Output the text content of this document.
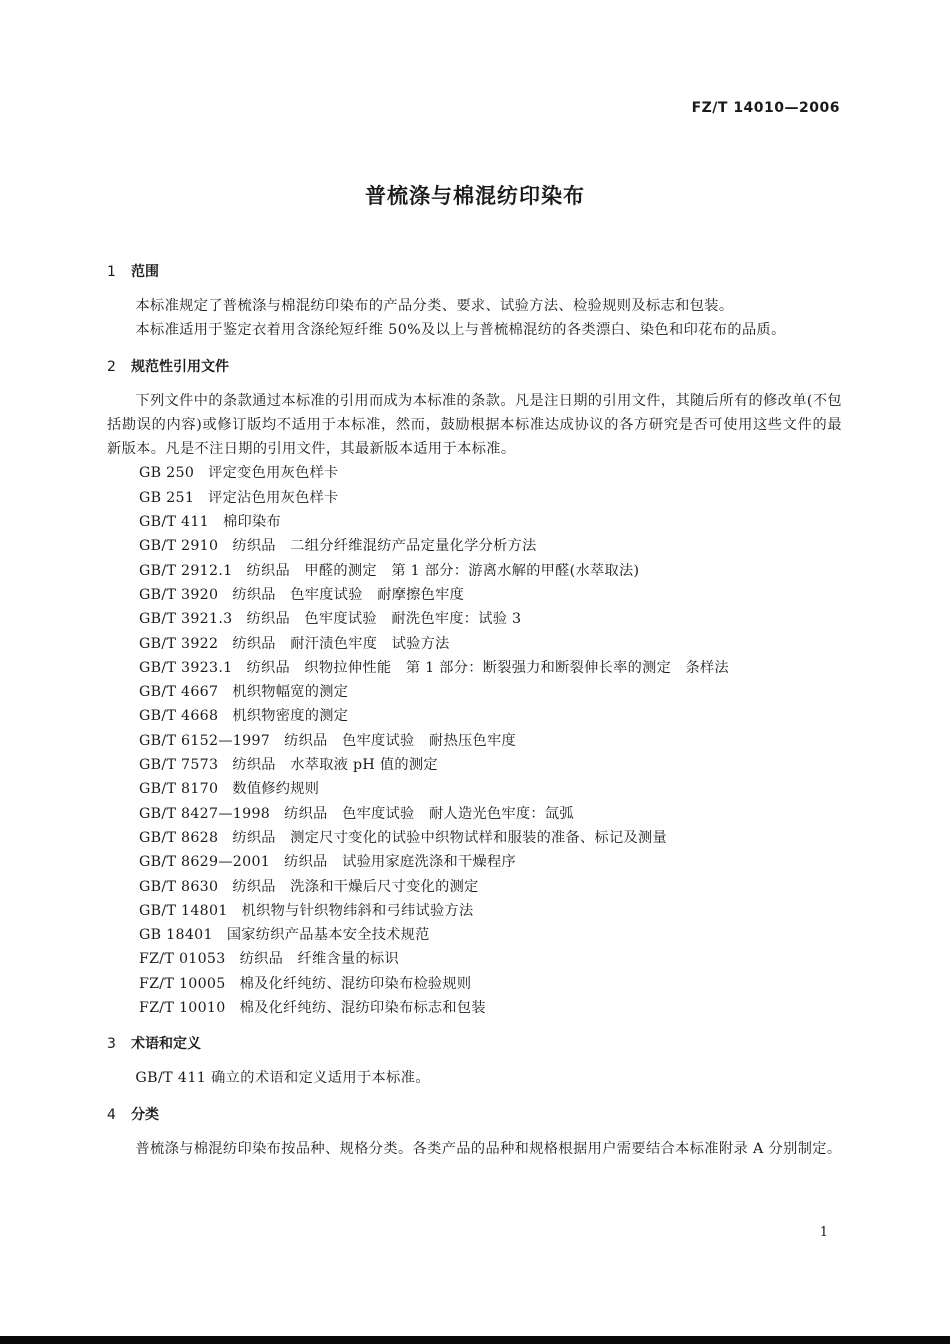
FZ/T 14010—2006
普梳涤与棉混纺印染布
1 范围
本标准规定了普梳涤与棉混纺印染布的产品分类、要求、试验方法、检验规则及标志和包装。
本标准适用于鉴定衣着用含涤纶短纤维 50%及以上与普梳棉混纺的各类漂白、染色和印花布的品质。
2 规范性引用文件
下列文件中的条款通过本标准的引用而成为本标准的条款。凡是注日期的引用文件，其随后所有的修改单(不包括勘误的内容)或修订版均不适用于本标准，然而，鼓励根据本标准达成协议的各方研究是否可使用这些文件的最新版本。凡是不注日期的引用文件，其最新版本适用于本标准。
GB 250 评定变色用灰色样卡
GB 251 评定沾色用灰色样卡
GB/T 411 棉印染布
GB/T 2910 纺织品　二组分纤维混纺产品定量化学分析方法
GB/T 2912.1 纺织品　甲醛的测定　第 1 部分：游离水解的甲醛(水萃取法)
GB/T 3920 纺织品　色牢度试验　耐摩擦色牢度
GB/T 3921.3 纺织品　色牢度试验　耐洗色牢度：试验 3
GB/T 3922 纺织品　耐汗渍色牢度　试验方法
GB/T 3923.1 纺织品　织物拉伸性能　第 1 部分：断裂强力和断裂伸长率的测定　条样法
GB/T 4667 机织物幅宽的测定
GB/T 4668 机织物密度的测定
GB/T 6152—1997 纺织品　色牢度试验　耐热压色牢度
GB/T 7573 纺织品　水萃取液 pH 值的测定
GB/T 8170 数值修约规则
GB/T 8427—1998 纺织品　色牢度试验　耐人造光色牢度：氙弧
GB/T 8628 纺织品　测定尺寸变化的试验中织物试样和服装的准备、标记及测量
GB/T 8629—2001 纺织品　试验用家庭洗涤和干燥程序
GB/T 8630 纺织品　洗涤和干燥后尺寸变化的测定
GB/T 14801 机织物与针织物纬斜和弓纬试验方法
GB 18401 国家纺织产品基本安全技术规范
FZ/T 01053 纺织品　纤维含量的标识
FZ/T 10005 棉及化纤纯纺、混纺印染布检验规则
FZ/T 10010 棉及化纤纯纺、混纺印染布标志和包装
3 术语和定义
GB/T 411 确立的术语和定义适用于本标准。
4 分类
普梳涤与棉混纺印染布按品种、规格分类。各类产品的品种和规格根据用户需要结合本标准附录 A 分别制定。
1
